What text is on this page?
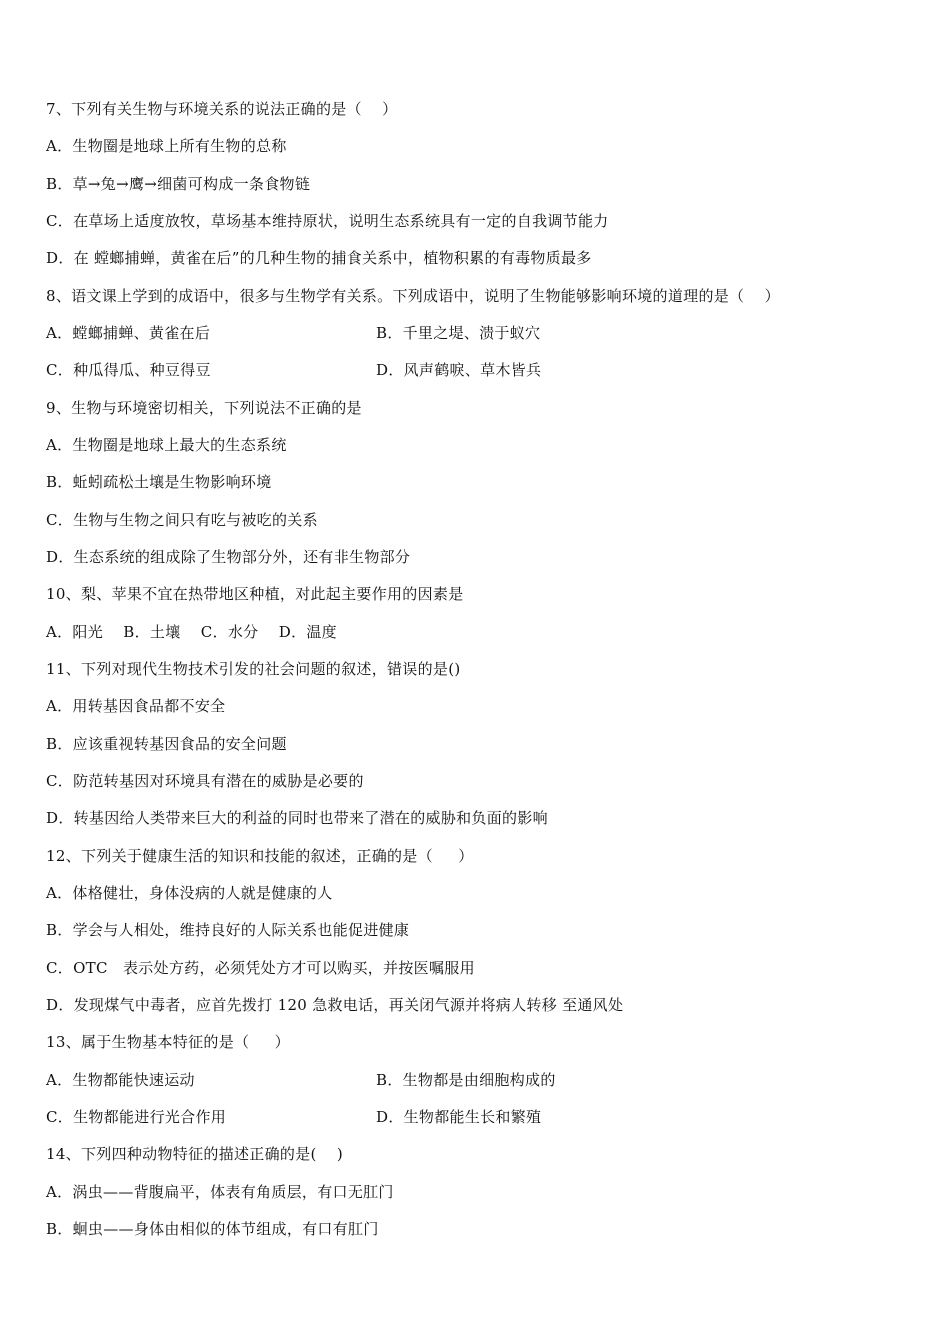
7、下列有关生物与环境关系的说法正确的是（    ）
A．生物圈是地球上所有生物的总称
B．草→兔→鹰→细菌可构成一条食物链
C．在草场上适度放牧，草场基本维持原状，说明生态系统具有一定的自我调节能力
D．在 螳螂捕蝉，黄雀在后”的几种生物的捕食关系中，植物积累的有毒物质最多
8、语文课上学到的成语中，很多与生物学有关系。下列成语中，说明了生物能够影响环境的道理的是（    ）
A．螳螂捕蝉、黄雀在后	B．千里之堤、溃于蚁穴
C．种瓜得瓜、种豆得豆	D．风声鹤唳、草木皆兵
9、生物与环境密切相关，下列说法不正确的是
A．生物圈是地球上最大的生态系统
B．蚯蚓疏松土壤是生物影响环境
C．生物与生物之间只有吃与被吃的关系
D．生态系统的组成除了生物部分外，还有非生物部分
10、梨、苹果不宜在热带地区种植，对此起主要作用的因素是
A．阳光    B．土壤    C．水分    D．温度
11、下列对现代生物技术引发的社会问题的叙述，错误的是()
A．用转基因食品都不安全
B．应该重视转基因食品的安全问题
C．防范转基因对环境具有潜在的威胁是必要的
D．转基因给人类带来巨大的利益的同时也带来了潜在的威胁和负面的影响
12、下列关于健康生活的知识和技能的叙述，正确的是（     ）
A．体格健壮，身体没病的人就是健康的人
B．学会与人相处，维持良好的人际关系也能促进健康
C．OTC   表示处方药，必须凭处方才可以购买，并按医嘱服用
D．发现煤气中毒者，应首先拨打 120 急救电话，再关闭气源并将病人转移 至通风处
13、属于生物基本特征的是（     ）
A．生物都能快速运动	B．生物都是由细胞构成的
C．生物都能进行光合作用	D．生物都能生长和繁殖
14、下列四种动物特征的描述正确的是(    )
A．涡虫——背腹扁平，体表有角质层，有口无肛门
B．蛔虫——身体由相似的体节组成，有口有肛门
